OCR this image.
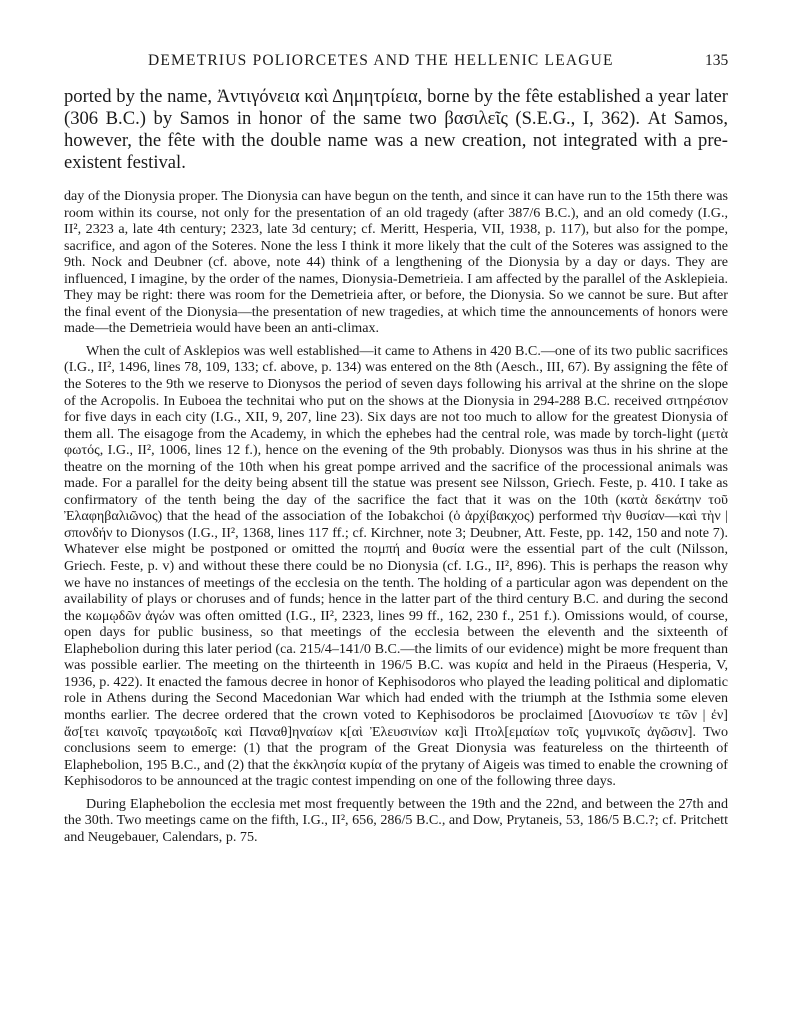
DEMETRIUS POLIORCETES AND THE HELLENIC LEAGUE	135

ported by the name, Ἀντιγόνεια καὶ Δημητρίεια, borne by the fête established a year later (306 B.C.) by Samos in honor of the same two βασιλεῖς (S.E.G., I, 362). At Samos, however, the fête with the double name was a new creation, not integrated with a pre-existent festival.

day of the Dionysia proper. The Dionysia can have begun on the tenth, and since it can have run to the 15th there was room within its course, not only for the presentation of an old tragedy (after 387/6 B.C.), and an old comedy (I.G., II², 2323 a, late 4th century; 2323, late 3d century; cf. Meritt, Hesperia, VII, 1938, p. 117), but also for the pompe, sacrifice, and agon of the Soteres. None the less I think it more likely that the cult of the Soteres was assigned to the 9th. Nock and Deubner (cf. above, note 44) think of a lengthening of the Dionysia by a day or days. They are influenced, I imagine, by the order of the names, Dionysia-Demetrieia. I am affected by the parallel of the Asklepieia. They may be right: there was room for the Demetrieia after, or before, the Dionysia. So we cannot be sure. But after the final event of the Dionysia—the presentation of new tragedies, at which time the announcements of honors were made—the Demetrieia would have been an anti-climax.

When the cult of Asklepios was well established—it came to Athens in 420 B.C.—one of its two public sacrifices (I.G., II², 1496, lines 78, 109, 133; cf. above, p. 134) was entered on the 8th (Aesch., III, 67). By assigning the fête of the Soteres to the 9th we reserve to Dionysos the period of seven days following his arrival at the shrine on the slope of the Acropolis. In Euboea the technitai who put on the shows at the Dionysia in 294-288 B.C. received σιτηρέσιον for five days in each city (I.G., XII, 9, 207, line 23). Six days are not too much to allow for the greatest Dionysia of them all. The eisagoge from the Academy, in which the ephebes had the central role, was made by torch-light (μετὰ φωτός, I.G., II², 1006, lines 12 f.), hence on the evening of the 9th probably. Dionysos was thus in his shrine at the theatre on the morning of the 10th when his great pompe arrived and the sacrifice of the processional animals was made. For a parallel for the deity being absent till the statue was present see Nilsson, Griech. Feste, p. 410. I take as confirmatory of the tenth being the day of the sacrifice the fact that it was on the 10th (κατὰ δεκάτην τοῦ Ἐλαφηβαλιῶνος) that the head of the association of the Iobakchoi (ὁ ἀρχίβακχος) performed τὴν θυσίαν—καὶ τὴν | σπονδήν to Dionysos (I.G., II², 1368, lines 117 ff.; cf. Kirchner, note 3; Deubner, Att. Feste, pp. 142, 150 and note 7). Whatever else might be postponed or omitted the πομπή and θυσία were the essential part of the cult (Nilsson, Griech. Feste, p. v) and without these there could be no Dionysia (cf. I.G., II², 896). This is perhaps the reason why we have no instances of meetings of the ecclesia on the tenth. The holding of a particular agon was dependent on the availability of plays or choruses and of funds; hence in the latter part of the third century B.C. and during the second the κωμῳδῶν ἀγών was often omitted (I.G., II², 2323, lines 99 ff., 162, 230 f., 251 f.). Omissions would, of course, open days for public business, so that meetings of the ecclesia between the eleventh and the sixteenth of Elaphebolion during this later period (ca. 215/4–141/0 B.C.—the limits of our evidence) might be more frequent than was possible earlier. The meeting on the thirteenth in 196/5 B.C. was κυρία and held in the Piraeus (Hesperia, V, 1936, p. 422). It enacted the famous decree in honor of Kephisodoros who played the leading political and diplomatic role in Athens during the Second Macedonian War which had ended with the triumph at the Isthmia some eleven months earlier. The decree ordered that the crown voted to Kephisodoros be proclaimed [Διονυσίων τε τῶν | ἐν] ἄσ[τει καινοῖς τραγωιδοῖς καὶ Παναθ]ηναίων κ[αὶ Ἐλευσινίων κα]ὶ Πτολ[εμαίων τοῖς γυμνικοῖς ἀγῶσιν]. Two conclusions seem to emerge: (1) that the program of the Great Dionysia was featureless on the thirteenth of Elaphebolion, 195 B.C., and (2) that the ἐκκλησία κυρία of the prytany of Aigeis was timed to enable the crowning of Kephisodoros to be announced at the tragic contest impending on one of the following three days.

During Elaphebolion the ecclesia met most frequently between the 19th and the 22nd, and between the 27th and the 30th. Two meetings came on the fifth, I.G., II², 656, 286/5 B.C., and Dow, Prytaneis, 53, 186/5 B.C.?; cf. Pritchett and Neugebauer, Calendars, p. 75.
